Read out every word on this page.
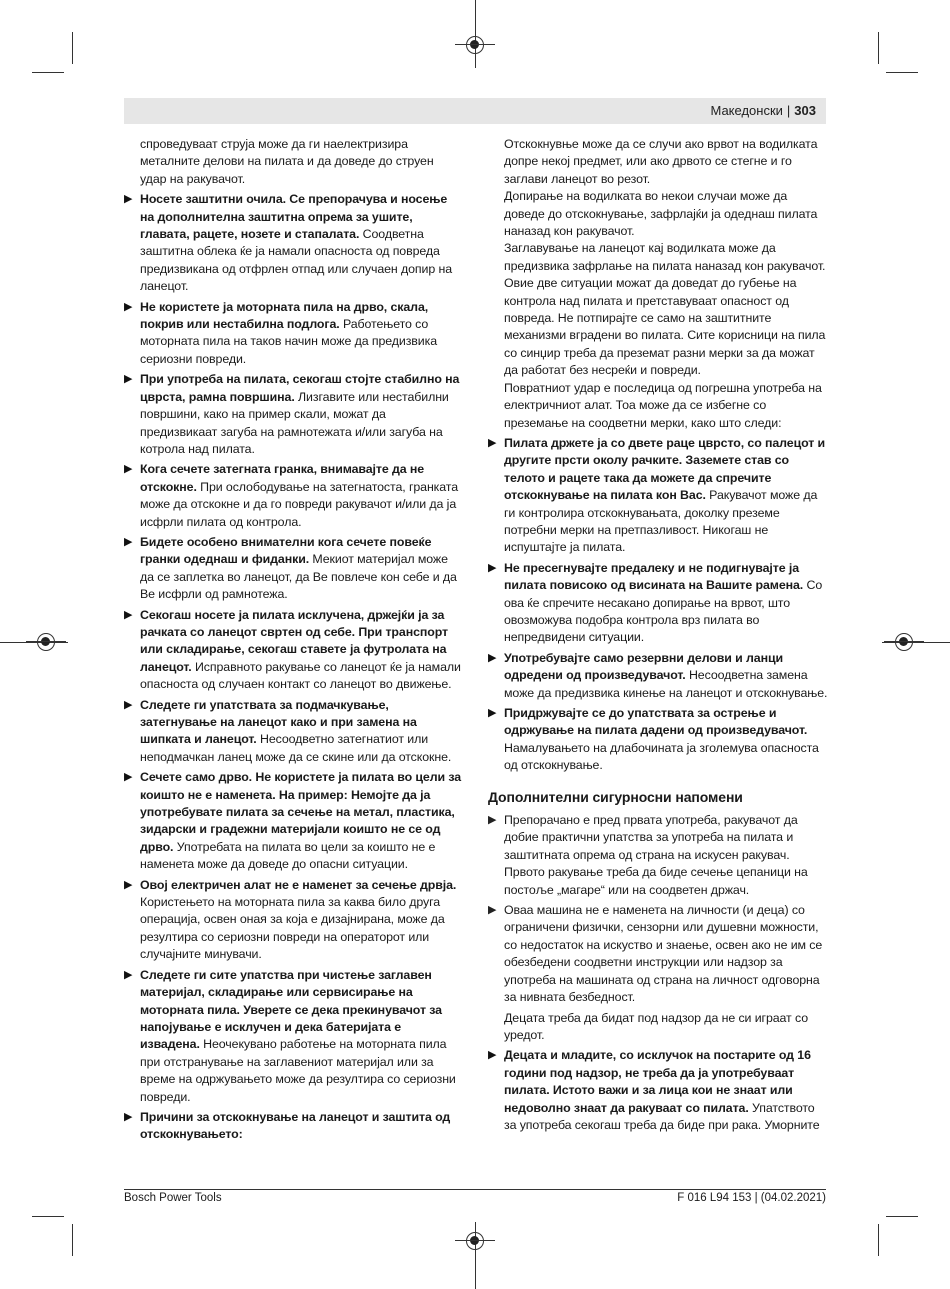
Македонски | 303

спроведуваат струја може да ги наелектризира металните делови на пилата и да доведе до струен удар на ракувачот.

▶ Носете заштитни очила. Се препорачува и носење на дополнителна заштитна опрема за ушите, главата, рацете, нозете и стапалата. Соодветна заштитна облека ќе ја намали опасноста од повреда предизвикана од отфрлен отпад или случаен допир на ланецот.
▶ Не користете ја моторната пила на дрво, скала, покрив или нестабилна подлога. Работењето со моторната пила на таков начин може да предизвика сериозни повреди.
▶ При употреба на пилата, секогаш стојте стабилно на цврста, рамна површина. Лизгавите или нестабилни површини, како на пример скали, можат да предизвикаат загуба на рамнотежата и/или загуба на котрола над пилата.
▶ Кога сечете затегната гранка, внимавајте да не отскокне. При ослободување на затегнатоста, гранката може да отскокне и да го повреди ракувачот и/или да ја исфрли пилата од контрола.
▶ Бидете особено внимателни кога сечете повеќе гранки одеднаш и фиданки. Мекиот материјал може да се заплетка во ланецот, да Ве повлече кон себе и да Ве исфрли од рамнотежа.
▶ Секогаш носете ја пилата исклучена, држејќи ја за рачката со ланецот свртен од себе. При транспорт или складирање, секогаш ставете ја футролата на ланецот. Исправното ракување со ланецот ќе ја намали опасноста од случаен контакт со ланецот во движење.
▶ Следете ги упатствата за подмачкување, затегнување на ланецот како и при замена на шипката и ланецот. Несоодветно затегнатиот или неподмачкан ланец може да се скине или да отскокне.
▶ Сечете само дрво. Не користете ја пилата во цели за коишто не е наменета. На пример: Немојте да ја употребувате пилата за сечење на метал, пластика, зидарски и градежни материјали коишто не се од дрво. Употребата на пилата во цели за коишто не е наменета може да доведе до опасни ситуации.
▶ Овој електричен алат не е наменет за сечење дрвја. Користењето на моторната пила за каква било друга операција, освен оная за која е дизајнирана, може да резултира со сериозни повреди на операторот или случајните минувачи.
▶ Следете ги сите упатства при чистење заглавен материјал, складирање или сервисирање на моторната пила. Уверете се дека прекинувачот за напојување е исклучен и дека батеријата е извадена. Неочекувано работење на моторната пила при отстранување на заглавениот материјал или за време на одржувањето може да резултира со сериозни повреди.
▶ Причини за отскокнување на ланецот и заштита од отскокнувањето:

Отскокнувње може да се случи ако врвот на водилката допре некој предмет, или ако дрвото се стегне и го заглави ланецот во резот.

Допирање на водилката во некои случаи може да доведе до отскокнување, зафрлајќи ја одеднаш пилата наназад кон ракувачот.

Заглавување на ланецот кај водилката може да предизвика зафрлање на пилата наназад кон ракувачот.

Овие две ситуации можат да доведат до губење на контрола над пилата и претставуваат опасност од повреда. Не потпирајте се само на заштитните механизми вградени во пилата. Сите корисници на пила со синџир треба да преземат разни мерки за да можат да работат без несреќи и повреди.

Повратниот удар е последица од погрешна употреба на електричниот алат. Тоа може да се избегне со преземање на соодветни мерки, како што следи:

▶ Пилата држете ја со двете раце цврсто, со палецот и другите прсти околу рачките. Заземете став со телото и рацете така да можете да спречите отскокнување на пилата кон Вас. Ракувачот може да ги контролира отскокнувањата, доколку преземе потребни мерки на претпазливост. Никогаш не испуштајте ја пилата.
▶ Не пресегнувајте предалеку и не подигнувајте ја пилата повисоко од висината на Вашите рамена. Со ова ќе спречите несакано допирање на врвот, што овозможува подобра контрола врз пилата во непредвидени ситуации.
▶ Употребувајте само резервни делови и ланци одредени од произведувачот. Несоодветна замена може да предизвика кинење на ланецот и отскокнување.
▶ Придржувајте се до упатствата за острење и одржување на пилата дадени од произведувачот. Намалувањето на длабочината ја зголемува опасноста од отскокнување.
Дополнителни сигурносни напомени
▶ Препорачано е пред првата употреба, ракувачот да добие практични упатства за употреба на пилата и заштитната опрема од страна на искусен ракувач. Првото ракување треба да биде сечење цепаници на постоље „магаре“ или на соодветен држач.
▶ Оваа машина не е наменета на личности (и деца) со ограничени физички, сензорни или душевни можности, со недостаток на искуство и знаење, освен ако не им се обезбедени соодветни инструкции или надзор за употреба на машината од страна на личност одговорна за нивната безбедност.

Децата треба да бидат под надзор да не си играат со уредот.

▶ Децата и младите, со исклучок на постарите од 16 години под надзор, не треба да ја употребуваат пилата. Истото важи и за лица кои не знаат или недоволно знаат да ракуваат со пилата. Упатството за употреба секогаш треба да биде при рака. Уморните
Bosch Power Tools	F 016 L94 153 | (04.02.2021)
